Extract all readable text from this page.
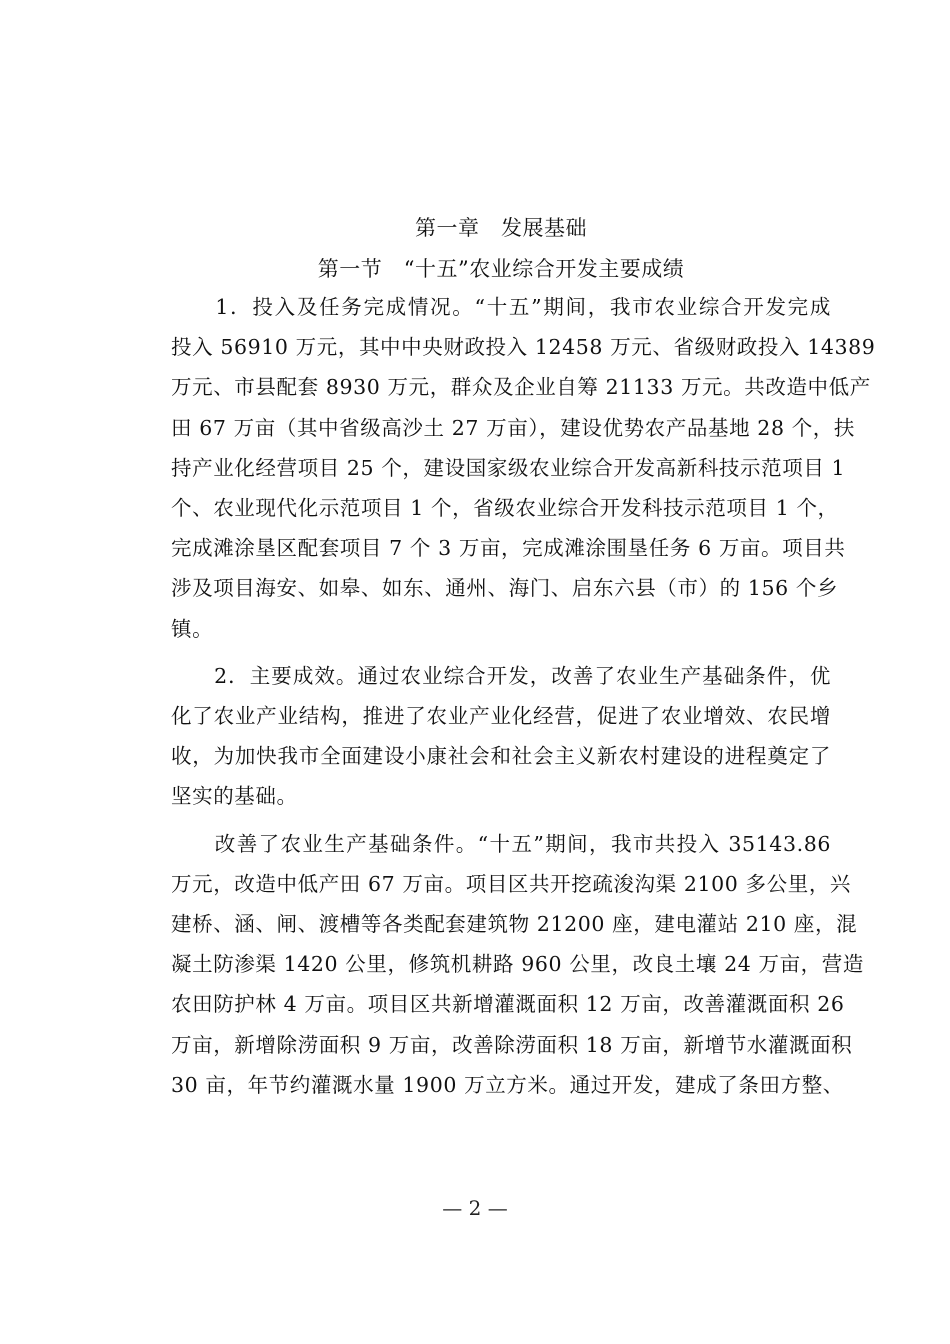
第一章　发展基础
第一节　“十五”农业综合开发主要成绩

　　1．投入及任务完成情况。“十五”期间，我市农业综合开发完成
投入 56910 万元，其中中央财政投入 12458 万元、省级财政投入 14389
万元、市县配套 8930 万元，群众及企业自筹 21133 万元。共改造中低产
田 67 万亩（其中省级高沙土 27 万亩），建设优势农产品基地 28 个，扶
持产业化经营项目 25 个，建设国家级农业综合开发高新科技示范项目 1
个、农业现代化示范项目 1 个，省级农业综合开发科技示范项目 1 个，
完成滩涂垦区配套项目 7 个 3 万亩，完成滩涂围垦任务 6 万亩。项目共
涉及项目海安、如皋、如东、通州、海门、启东六县（市）的 156 个乡
镇。

　　2．主要成效。通过农业综合开发，改善了农业生产基础条件，优
化了农业产业结构，推进了农业产业化经营，促进了农业增效、农民增
收，为加快我市全面建设小康社会和社会主义新农村建设的进程奠定了
坚实的基础。

　　改善了农业生产基础条件。“十五”期间，我市共投入 35143.86
万元，改造中低产田 67 万亩。项目区共开挖疏浚沟渠 2100 多公里，兴
建桥、涵、闸、渡槽等各类配套建筑物 21200 座，建电灌站 210 座，混
凝土防渗渠 1420 公里，修筑机耕路 960 公里，改良土壤 24 万亩，营造
农田防护林 4 万亩。项目区共新增灌溉面积 12 万亩，改善灌溉面积 26
万亩，新增除涝面积 9 万亩，改善除涝面积 18 万亩，新增节水灌溉面积
30 亩，年节约灌溉水量 1900 万立方米。通过开发，建成了条田方整、

— 2 —
